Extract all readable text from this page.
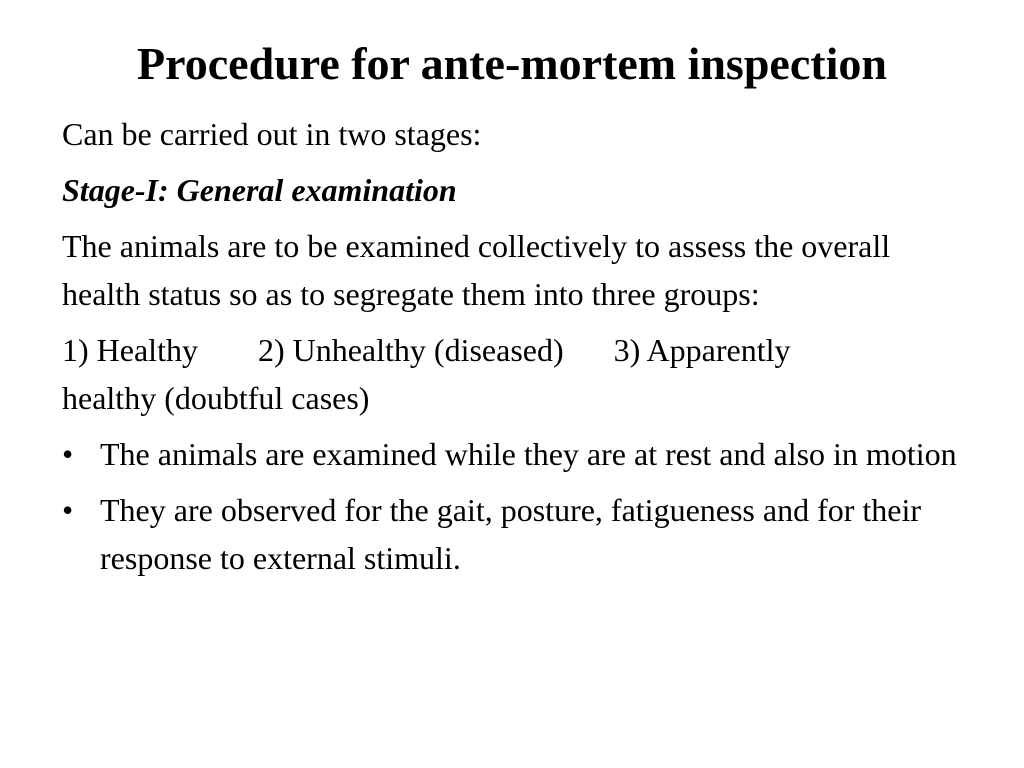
Procedure for ante-mortem inspection

Can be carried out in two stages:

Stage-I: General examination

The animals are to be examined collectively to assess the overall health status so as to segregate them into three groups:

1) Healthy 2) Unhealthy (diseased) 3) Apparently
healthy (doubtful cases)

• The animals are examined while they are at rest and also in motion
• They are observed for the gait, posture, fatigueness and for their response to external stimuli.
